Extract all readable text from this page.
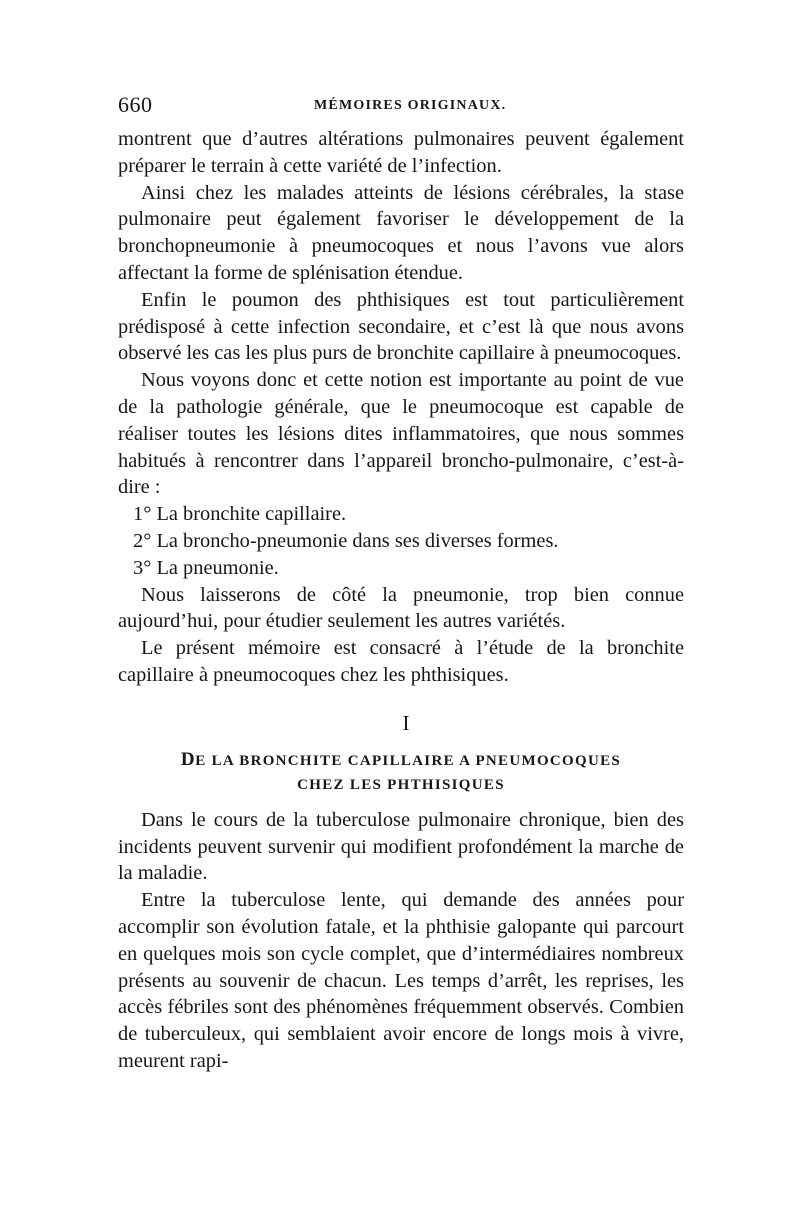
660	MÉMOIRES ORIGINAUX.

montrent que d’autres altérations pulmonaires peuvent également préparer le terrain à cette variété de l’infection.

Ainsi chez les malades atteints de lésions cérébrales, la stase pulmonaire peut également favoriser le développement de la bronchopneumonie à pneumocoques et nous l’avons vue alors affectant la forme de splénisation étendue.

Enfin le poumon des phthisiques est tout particulièrement prédisposé à cette infection secondaire, et c’est là que nous avons observé les cas les plus purs de bronchite capillaire à pneumocoques.

Nous voyons donc et cette notion est importante au point de vue de la pathologie générale, que le pneumocoque est capable de réaliser toutes les lésions dites inflammatoires, que nous sommes habitués à rencontrer dans l’appareil broncho-pulmonaire, c’est-à-dire :

1° La bronchite capillaire.

2° La broncho-pneumonie dans ses diverses formes.

3° La pneumonie.

Nous laisserons de côté la pneumonie, trop bien connue aujourd’hui, pour étudier seulement les autres variétés.

Le présent mémoire est consacré à l’étude de la bronchite capillaire à pneumocoques chez les phthisiques.

I

DE LA BRONCHITE CAPILLAIRE A PNEUMOCOQUES

CHEZ LES PHTHISIQUES

Dans le cours de la tuberculose pulmonaire chronique, bien des incidents peuvent survenir qui modifient profondément la marche de la maladie.

Entre la tuberculose lente, qui demande des années pour accomplir son évolution fatale, et la phthisie galopante qui parcourt en quelques mois son cycle complet, que d’intermédiaires nombreux présents au souvenir de chacun. Les temps d’arrêt, les reprises, les accès fébriles sont des phénomènes fréquemment observés. Combien de tuberculeux, qui semblaient avoir encore de longs mois à vivre, meurent rapi-
